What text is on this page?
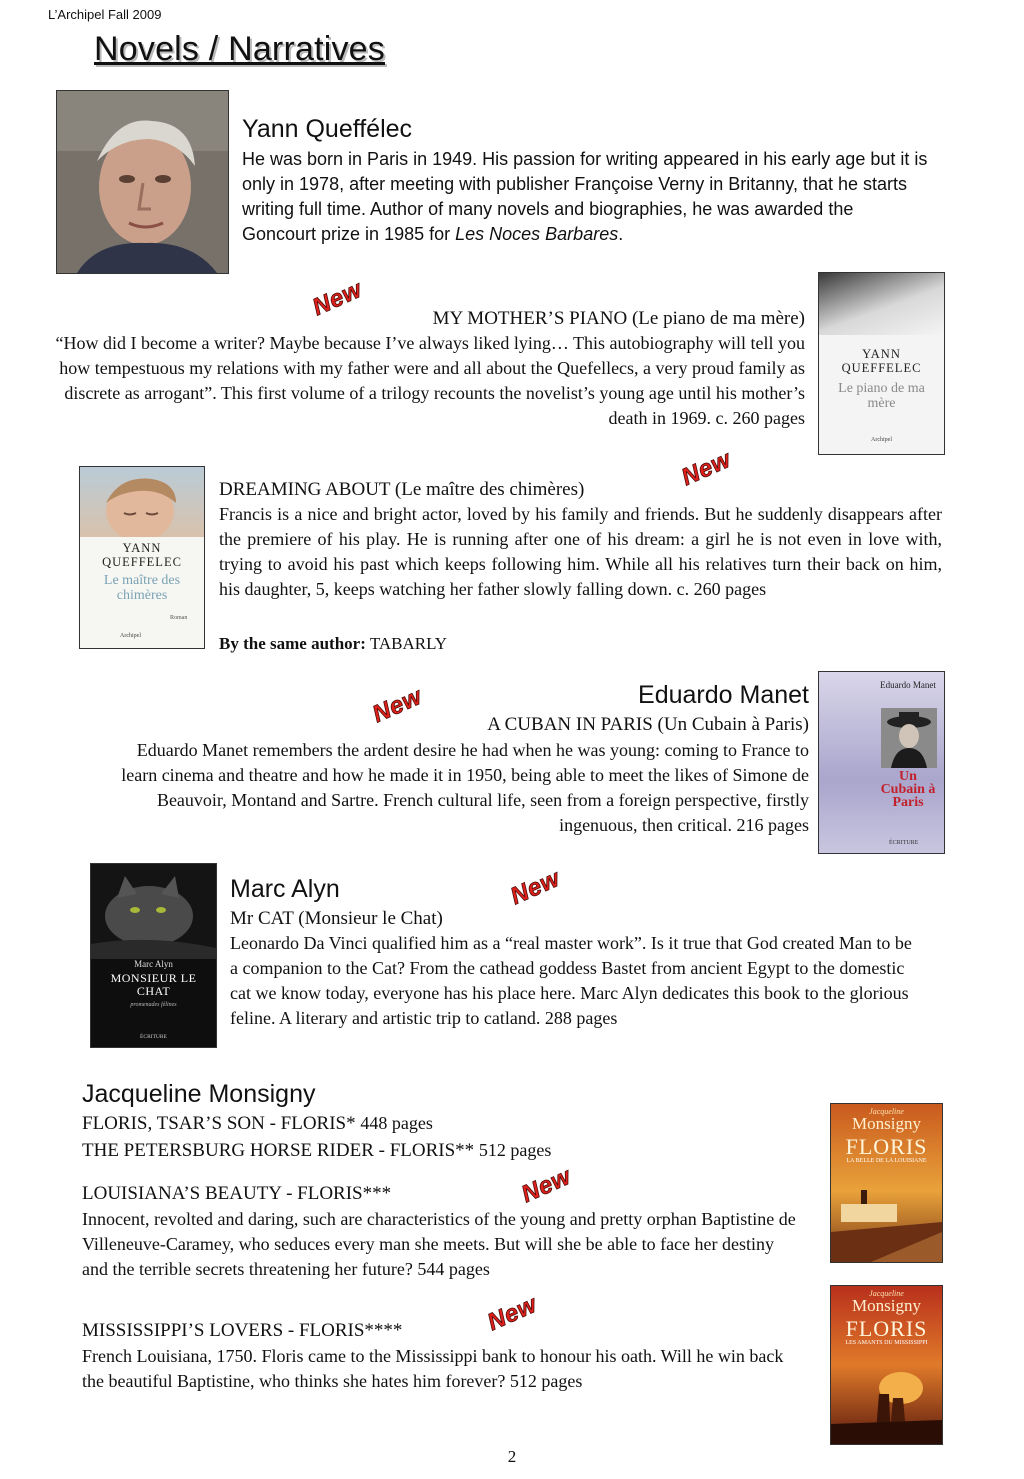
L’Archipel Fall 2009
Novels / Narratives
Yann Queffélec
He was born in Paris in 1949. His passion for writing appeared in his early age but it is only in 1978, after meeting with publisher Françoise Verny in Britanny, that he starts writing full time. Author of many novels and biographies, he was awarded the Goncourt prize in 1985 for Les Noces Barbares.
New	MY MOTHER’S PIANO (Le piano de ma mère)
“How did I become a writer? Maybe because I’ve always liked lying… This autobiography will tell you how tempestuous my relations with my father were and all about the Quefellecs, a very proud family as discrete as arrogant”. This first volume of a trilogy recounts the novelist’s young age until his mother’s death in 1969. c. 260 pages
YANN QUEFFELEC
Le piano de ma mère
Archipel
YANN QUEFFELEC
Le maître des chimères
Roman
Archipel
DREAMING ABOUT (Le maître des chimères)	New
Francis is a nice and bright actor, loved by his family and friends. But he suddenly disappears after the premiere of his play. He is running after one of his dream: a girl he is not even in love with, trying to avoid his past which keeps following him. While all his relatives turn their back on him, his daughter, 5, keeps watching her father slowly falling down. c. 260 pages
By the same author: TABARLY
Eduardo Manet
New	A CUBAN IN PARIS (Un Cubain à Paris)
Eduardo Manet remembers the ardent desire he had when he was young: coming to France to learn cinema and theatre and how he made it in 1950, being able to meet the likes of Simone de Beauvoir, Montand and Sartre. French cultural life, seen from a foreign perspective, firstly ingenuous, then critical. 216 pages
Eduardo Manet
Un Cubain à Paris
ÉCRITURE
Marc Alyn
MONSIEUR LE CHAT
promenades félines
ÉCRITURE
Marc Alyn	New
Mr CAT (Monsieur le Chat)
Leonardo Da Vinci qualified him as a “real master work”. Is it true that God created Man to be a companion to the Cat? From the cathead goddess Bastet from ancient Egypt to the domestic cat we know today, everyone has his place here. Marc Alyn dedicates this book to the glorious feline. A literary and artistic trip to catland. 288 pages
Jacqueline Monsigny
FLORIS, TSAR’S SON - FLORIS* 448 pages
THE PETERSBURG HORSE RIDER - FLORIS** 512 pages
LOUISIANA’S BEAUTY - FLORIS***	New
Innocent, revolted and daring, such are characteristics of the young and pretty orphan Baptistine de Villeneuve-Caramey, who seduces every man she meets. But will she be able to face her destiny and the terrible secrets threatening her future? 544 pages
MISSISSIPPI’S LOVERS - FLORIS****	New
French Louisiana, 1750. Floris came to the Mississippi bank to honour his oath. Will he win back the beautiful Baptistine, who thinks she hates him forever? 512 pages
Jacqueline
Monsigny
FLORIS
LA BELLE DE LA LOUISIANE
Jacqueline
Monsigny
FLORIS
LES AMANTS DU MISSISSIPPI
2
